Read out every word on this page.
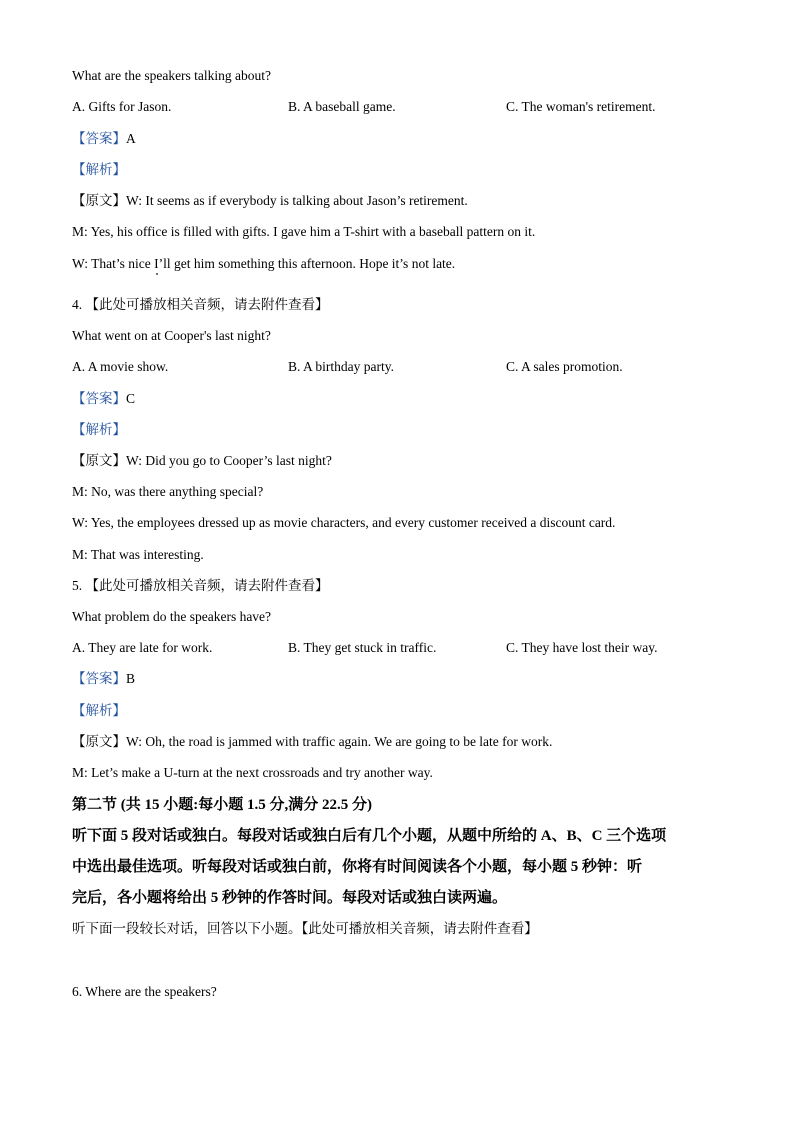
What are the speakers talking about?
A. Gifts for Jason.	B. A baseball game.	C. The woman's retirement.
【答案】A
【解析】
【原文】W: It seems as if everybody is talking about Jason’s retirement.
M: Yes, his office is filled with gifts. I gave him a T-shirt with a baseball pattern on it.
W: That’s nice I’ll get him something this afternoon. Hope it’s not late.
4. 【此处可播放相关音频，请去附件查看】
What went on at Cooper's last night?
A. A movie show.	B. A birthday party.	C. A sales promotion.
【答案】C
【解析】
【原文】W: Did you go to Cooper’s last night?
M: No, was there anything special?
W: Yes, the employees dressed up as movie characters, and every customer received a discount card.
M: That was interesting.
5. 【此处可播放相关音频，请去附件查看】
What problem do the speakers have?
A. They are late for work.	B. They get stuck in traffic.	C. They have lost their way.
【答案】B
【解析】
【原文】W: Oh, the road is jammed with traffic again. We are going to be late for work.
M: Let’s make a U-turn at the next crossroads and try another way.
第二节 (共 15 小题:每小题 1.5 分,满分 22.5 分)
听下面 5 段对话或独白。每段对话或独白后有几个小题，从题中所给的 A、B、C 三个选项
中选出最佳选项。听每段对话或独白前，你将有时间阅读各个小题，每小题 5 秒钟：听
完后，各小题将给出 5 秒钟的作答时间。每段对话或独白读两遍。
听下面一段较长对话，回答以下小题。【此处可播放相关音频，请去附件查看】
6. Where are the speakers?
